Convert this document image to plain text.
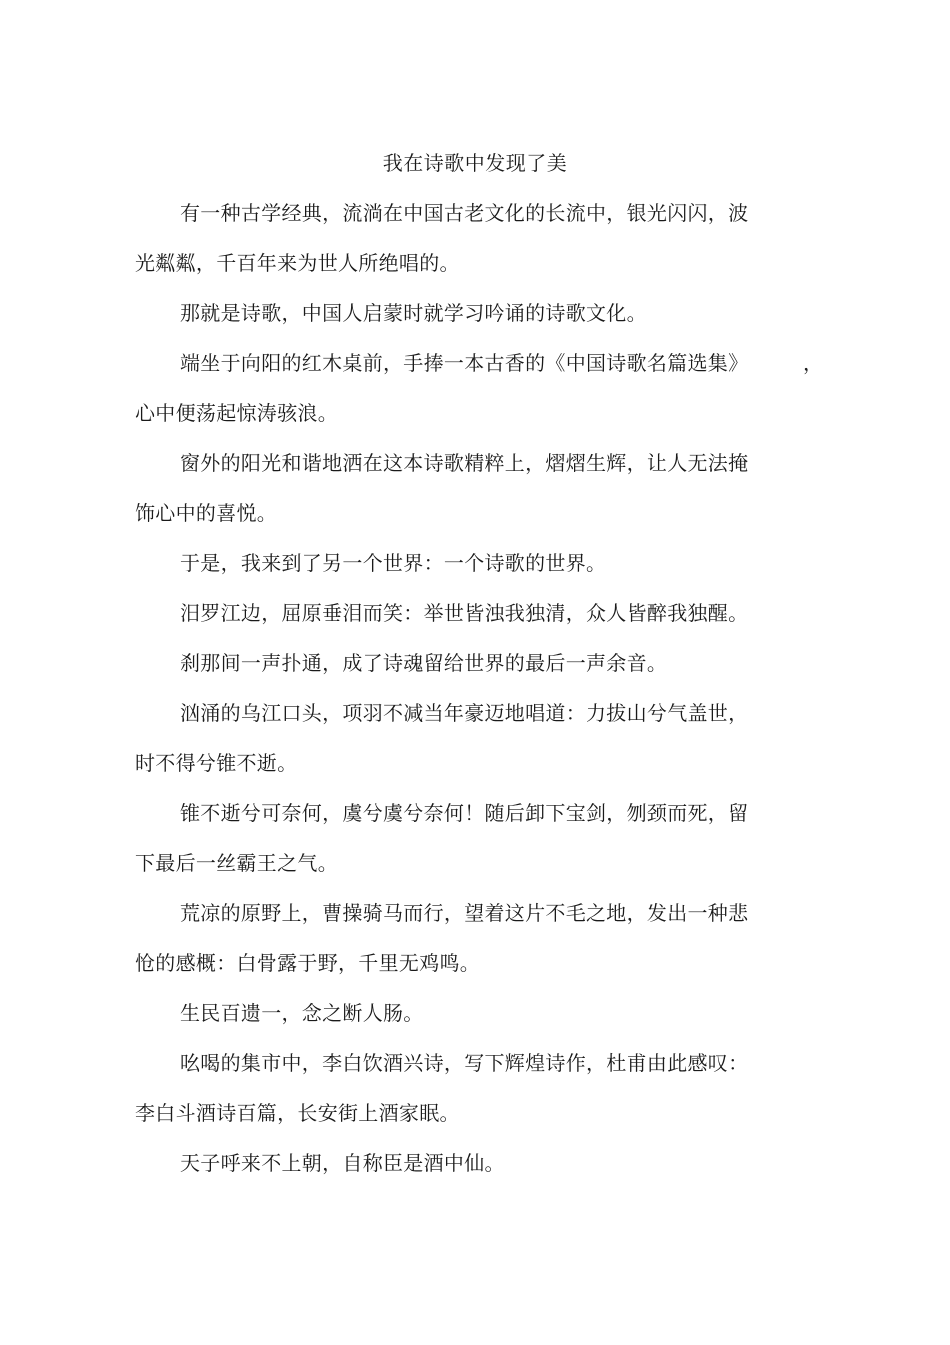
我在诗歌中发现了美
有一种古学经典，流淌在中国古老文化的长流中，银光闪闪，波
光粼粼，千百年来为世人所绝唱的。
那就是诗歌，中国人启蒙时就学习吟诵的诗歌文化。
端坐于向阳的红木桌前，手捧一本古香的《中国诗歌名篇选集》	，
心中便荡起惊涛骇浪。
窗外的阳光和谐地洒在这本诗歌精粹上，熠熠生辉，让人无法掩
饰心中的喜悦。
于是，我来到了另一个世界：一个诗歌的世界。
汨罗江边，屈原垂泪而笑：举世皆浊我独清，众人皆醉我独醒。
刹那间一声扑通，成了诗魂留给世界的最后一声余音。
汹涌的乌江口头，项羽不减当年豪迈地唱道：力拔山兮气盖世，
时不得兮锥不逝。
锥不逝兮可奈何，虞兮虞兮奈何！随后卸下宝剑，刎颈而死，留
下最后一丝霸王之气。
荒凉的原野上，曹操骑马而行，望着这片不毛之地，发出一种悲
怆的感概：白骨露于野，千里无鸡鸣。
生民百遗一，念之断人肠。
吆喝的集市中，李白饮酒兴诗，写下辉煌诗作，杜甫由此感叹：
李白斗酒诗百篇，长安街上酒家眠。
天子呼来不上朝，自称臣是酒中仙。
